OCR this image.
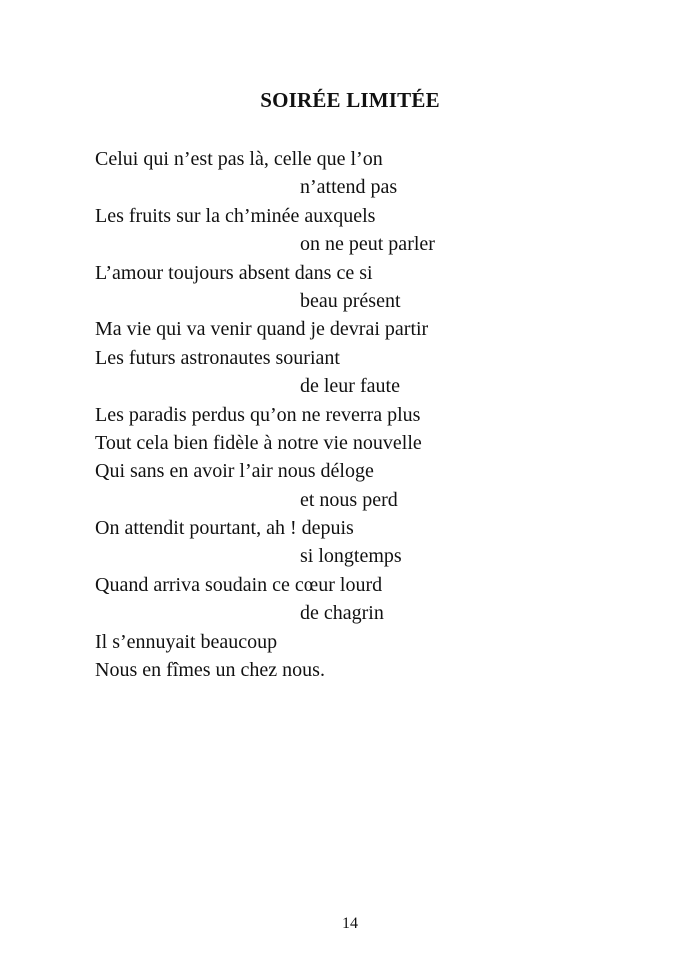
SOIRÉE LIMITÉE
Celui qui n’est pas là, celle que l’on
n’attend pas
Les fruits sur la ch’minée auxquels
on ne peut parler
L’amour toujours absent dans ce si
beau présent
Ma vie qui va venir quand je devrai partir
Les futurs astronautes souriant
de leur faute
Les paradis perdus qu’on ne reverra plus
Tout cela bien fidèle à notre vie nouvelle
Qui sans en avoir l’air nous déloge
et nous perd
On attendit pourtant, ah ! depuis
si longtemps
Quand arriva soudain ce cœur lourd
de chagrin
Il s’ennuyait beaucoup
Nous en fîmes un chez nous.
14
